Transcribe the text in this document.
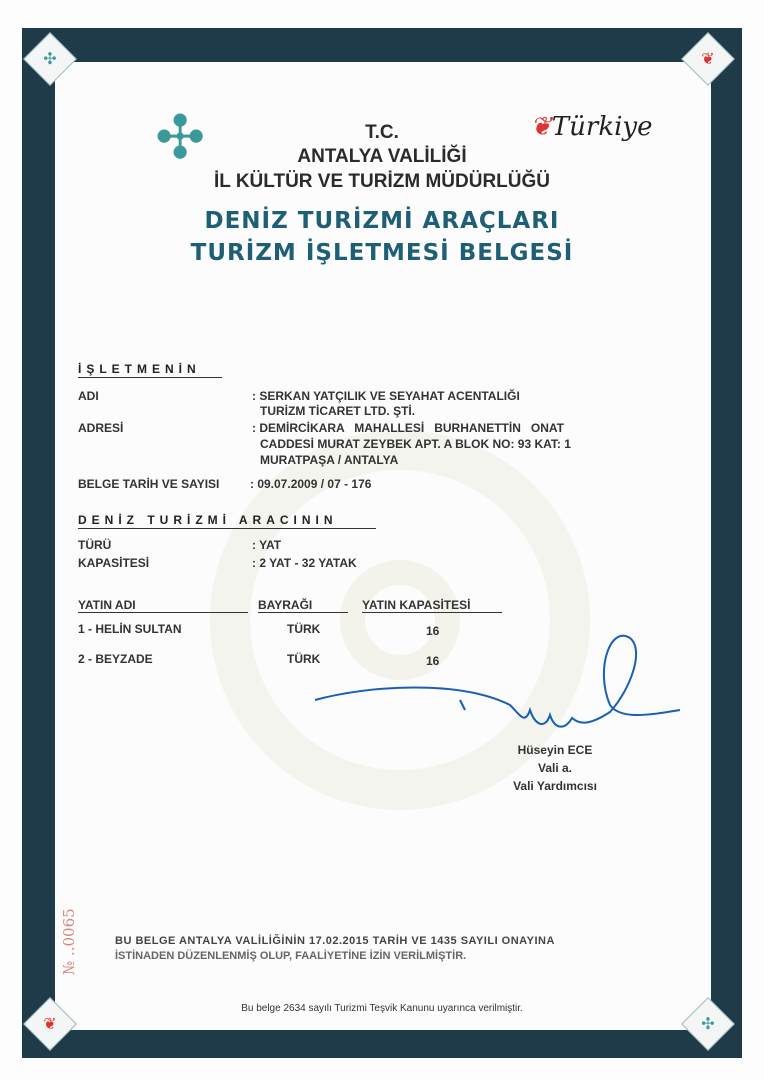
✣	❦
❦	✣
✣	❦Türkiye
T.C.
ANTALYA VALİLİĞİ
İL KÜLTÜR VE TURİZM MÜDÜRLÜĞÜ
DENİZ TURİZMİ ARAÇLARI
TURİZM İŞLETMESİ BELGESİ
İŞLETMENİN
ADI	: SERKAN YATÇILIK VE SEYAHAT ACENTALIĞI
TURİZM TİCARET LTD. ŞTİ.
ADRESİ	: DEMİRCİKARA   MAHALLESİ   BURHANETTİN   ONAT
CADDESİ MURAT ZEYBEK APT. A BLOK NO: 93 KAT: 1
MURATPAŞA / ANTALYA
BELGE TARİH VE SAYISI	: 09.07.2009 / 07 - 176
DENİZ TURİZMİ ARACININ
TÜRÜ	: YAT
KAPASİTESİ	: 2 YAT - 32 YATAK
YATIN ADI	BAYRAĞI	YATIN KAPASİTESİ
1 - HELİN SULTAN	TÜRK	16
2 - BEYZADE	TÜRK	16
Hüseyin ECE
Vali a.
Vali Yardımcısı
№ ..0065	BU BELGE ANTALYA VALİLİĞİNİN 17.02.2015 TARİH VE 1435 SAYILI ONAYINA
İSTİNADEN DÜZENLENMİŞ OLUP, FAALİYETİNE İZİN VERİLMİŞTİR.
Bu belge 2634 sayılı Turizmi Teşvik Kanunu uyarınca verilmiştir.
